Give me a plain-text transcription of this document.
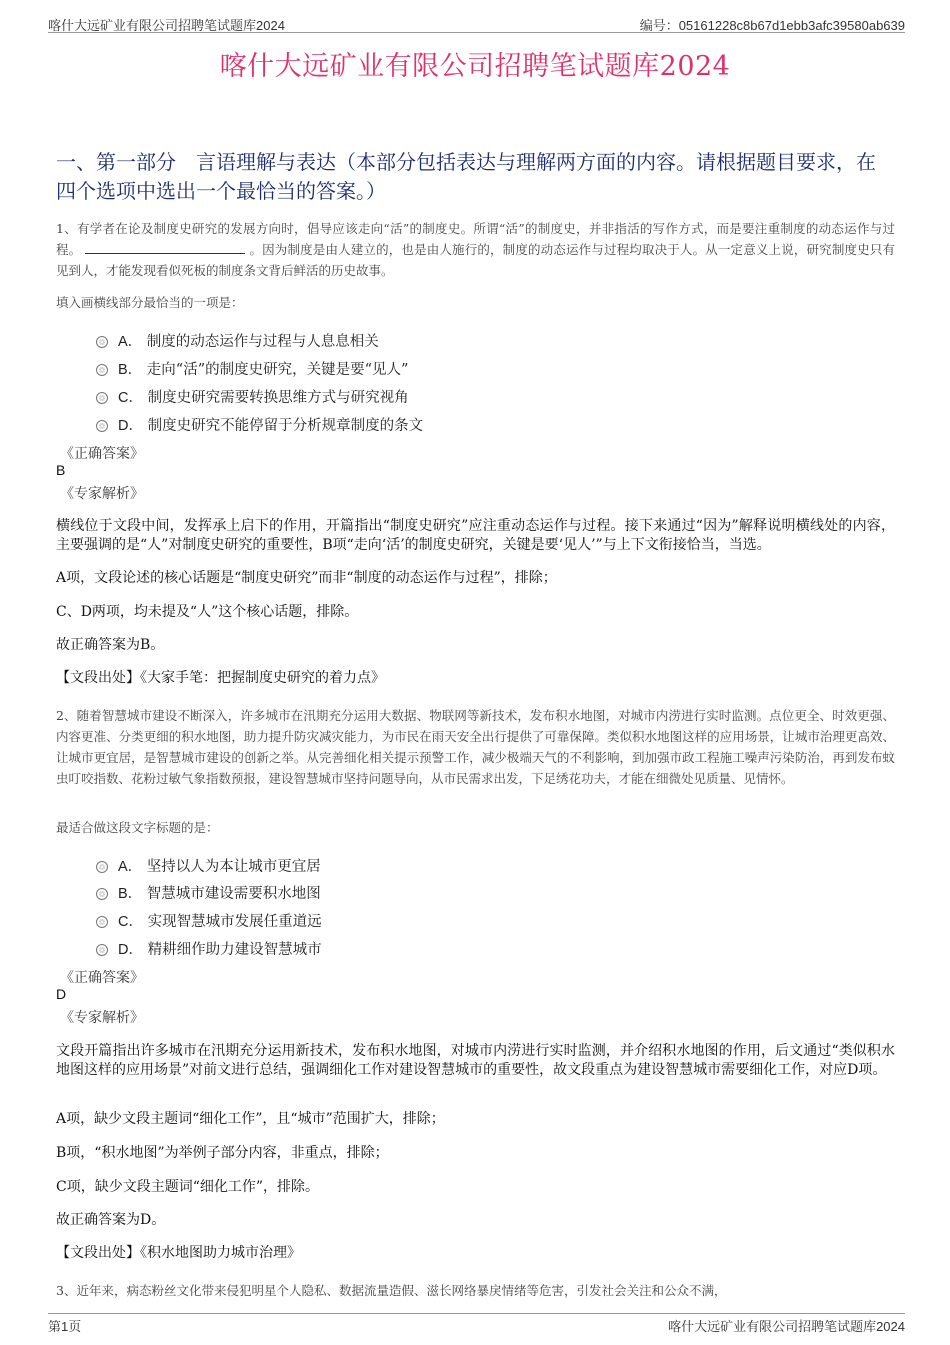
喀什大远矿业有限公司招聘笔试题库2024	编号：05161228c8b67d1ebb3afc39580ab639
喀什大远矿业有限公司招聘笔试题库2024
一、第一部分　言语理解与表达（本部分包括表达与理解两方面的内容。请根据题目要求，在四个选项中选出一个最恰当的答案。）

1、有学者在论及制度史研究的发展方向时，倡导应该走向“活”的制度史。所谓“活”的制度史，并非指活的写作方式，而是要注重制度的动态运作与过程。	。因为制度是由人建立的，也是由人施行的，制度的动态运作与过程均取决于人。从一定意义上说，研究制度史只有见到人，才能发现看似死板的制度条文背后鲜活的历史故事。

填入画横线部分最恰当的一项是：

A． 制度的动态运作与过程与人息息相关
B． 走向“活”的制度史研究，关键是要“见人”
C． 制度史研究需要转换思维方式与研究视角
D． 制度史研究不能停留于分析规章制度的条文
《正确答案》
B
《专家解析》

横线位于文段中间，发挥承上启下的作用，开篇指出“制度史研究”应注重动态运作与过程。接下来通过“因为”解释说明横线处的内容，主要强调的是“人”对制度史研究的重要性，B项“走向‘活’的制度史研究，关键是要‘见人’”与上下文衔接恰当，当选。

A项，文段论述的核心话题是“制度史研究”而非“制度的动态运作与过程”，排除；

C、D两项，均未提及“人”这个核心话题，排除。

故正确答案为B。

【文段出处】《大家手笔：把握制度史研究的着力点》

2、随着智慧城市建设不断深入，许多城市在汛期充分运用大数据、物联网等新技术，发布积水地图，对城市内涝进行实时监测。点位更全、时效更强、内容更准、分类更细的积水地图，助力提升防灾减灾能力，为市民在雨天安全出行提供了可靠保障。类似积水地图这样的应用场景，让城市治理更高效、让城市更宜居，是智慧城市建设的创新之举。从完善细化相关提示预警工作，减少极端天气的不利影响，到加强市政工程施工噪声污染防治，再到发布蚊虫叮咬指数、花粉过敏气象指数预报，建设智慧城市坚持问题导向，从市民需求出发，下足绣花功夫，才能在细微处见质量、见情怀。

最适合做这段文字标题的是：

A． 坚持以人为本让城市更宜居
B． 智慧城市建设需要积水地图
C． 实现智慧城市发展任重道远
D． 精耕细作助力建设智慧城市
《正确答案》
D
《专家解析》

文段开篇指出许多城市在汛期充分运用新技术，发布积水地图，对城市内涝进行实时监测，并介绍积水地图的作用，后文通过“类似积水地图这样的应用场景”对前文进行总结，强调细化工作对建设智慧城市的重要性，故文段重点为建设智慧城市需要细化工作，对应D项。

A项，缺少文段主题词“细化工作”，且“城市”范围扩大，排除；

B项，“积水地图”为举例子部分内容，非重点，排除；

C项，缺少文段主题词“细化工作”，排除。

故正确答案为D。

【文段出处】《积水地图助力城市治理》

3、近年来，病态粉丝文化带来侵犯明星个人隐私、数据流量造假、滋长网络暴戾情绪等危害，引发社会关注和公众不满，

第1页	喀什大远矿业有限公司招聘笔试题库2024
